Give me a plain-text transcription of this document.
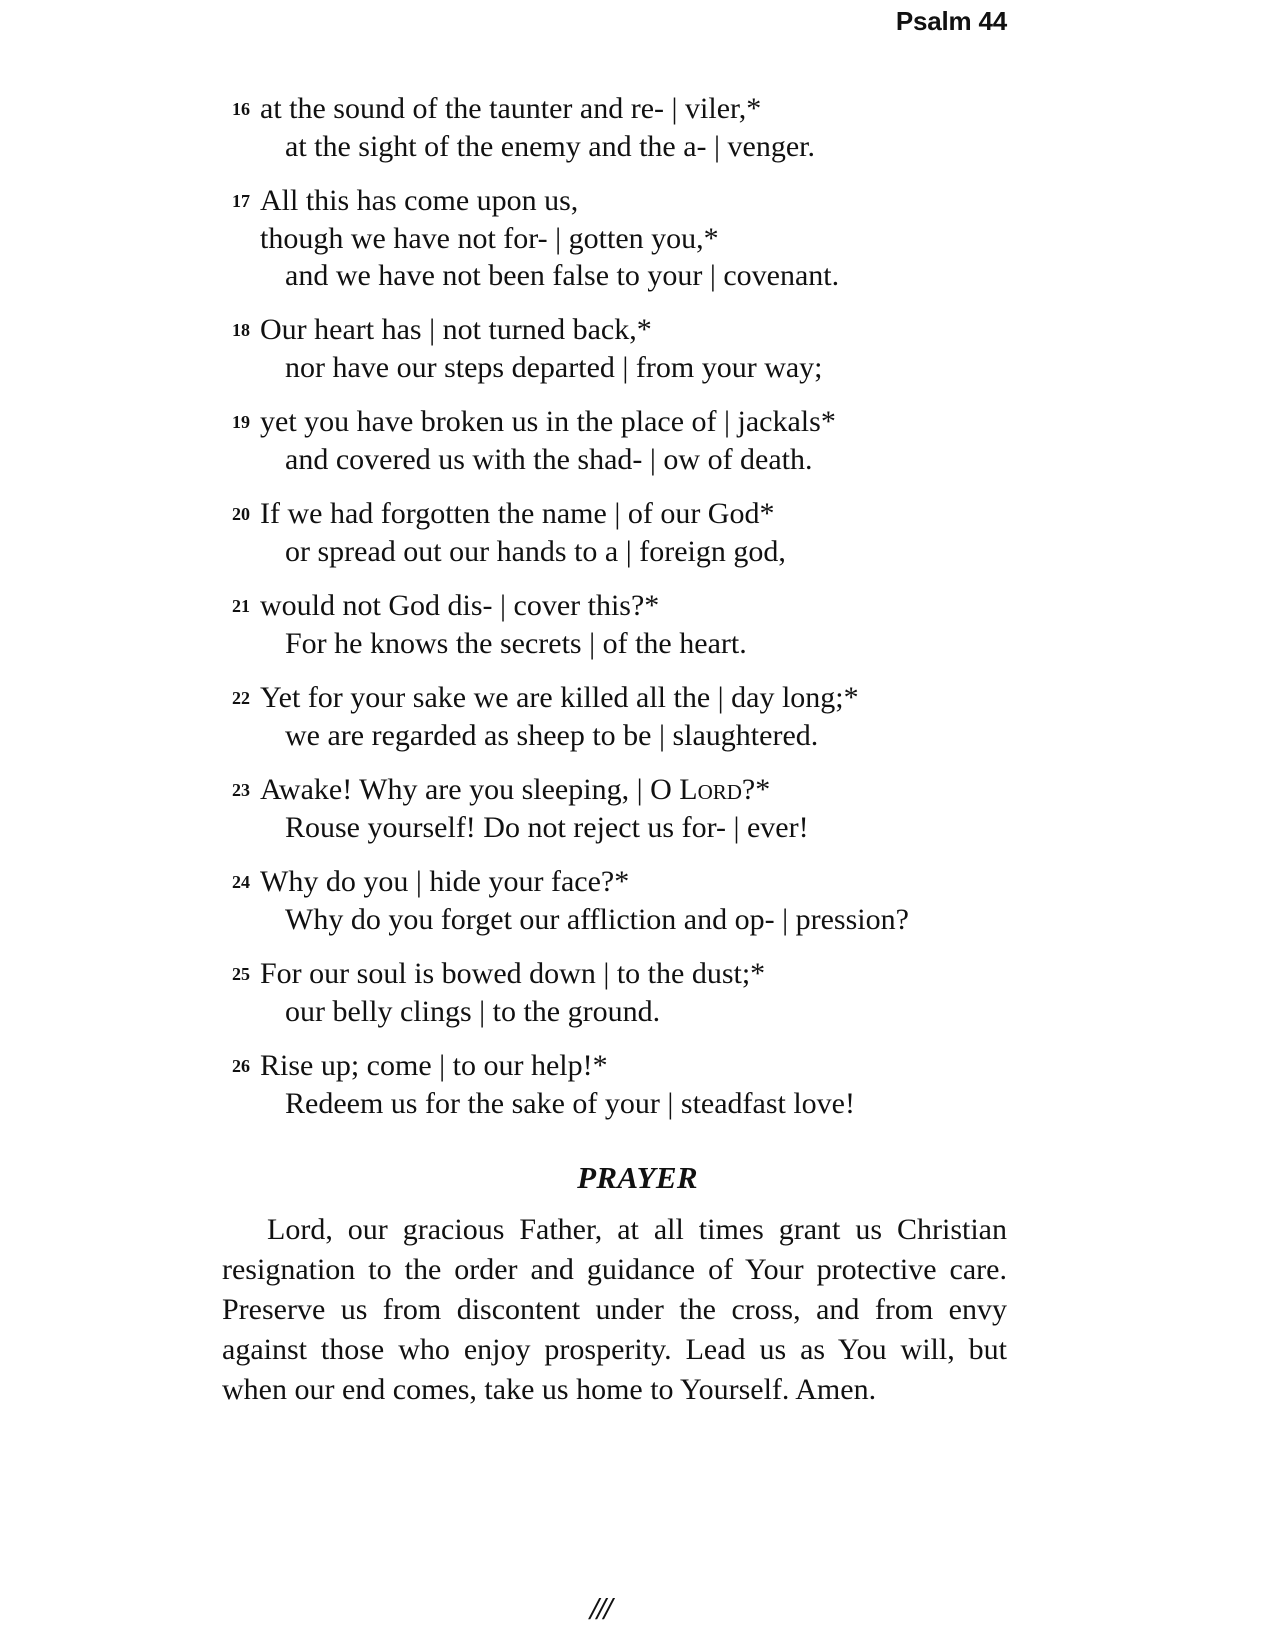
Psalm 44

16 at the sound of the taunter and re- | viler,*
at the sight of the enemy and the a- | venger.

17 All this has come upon us,
though we have not for- | gotten you,*
and we have not been false to your | covenant.

18 Our heart has | not turned back,*
nor have our steps departed | from your way;

19 yet you have broken us in the place of | jackals*
and covered us with the shad- | ow of death.

20 If we had forgotten the name | of our God*
or spread out our hands to a | foreign god,

21 would not God dis- | cover this?*
For he knows the secrets | of the heart.

22 Yet for your sake we are killed all the | day long;*
we are regarded as sheep to be | slaughtered.

23 Awake! Why are you sleeping, | O Lord?*
Rouse yourself! Do not reject us for- | ever!

24 Why do you | hide your face?*
Why do you forget our affliction and op- | pression?

25 For our soul is bowed down | to the dust;*
our belly clings | to the ground.

26 Rise up; come | to our help!*
Redeem us for the sake of your | steadfast love!

PRAYER

Lord, our gracious Father, at all times grant us Christian resignation to the order and guidance of Your protective care. Preserve us from discontent under the cross, and from envy against those who enjoy prosperity. Lead us as You will, but when our end comes, take us home to Yourself. Amen.

///
